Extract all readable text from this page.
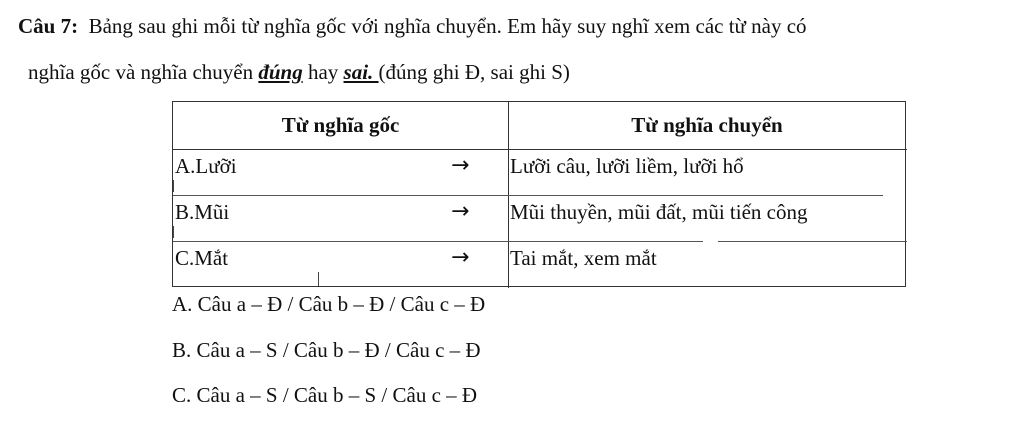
Câu 7: Bảng sau ghi mỗi từ nghĩa gốc với nghĩa chuyển. Em hãy suy nghĩ xem các từ này có
nghĩa gốc và nghĩa chuyển đúng hay sai. (đúng ghi Đ, sai ghi S)
Từ nghĩa gốc	Từ nghĩa chuyển
A.Lưỡi	→ Lưỡi câu, lưỡi liềm, lưỡi hổ
B.Mũi	→ Mũi thuyền, mũi đất, mũi tiến công
C.Mắt	→ Tai mắt, xem mắt
A. Câu a – Đ / Câu b – Đ / Câu c – Đ
B. Câu a – S / Câu b – Đ / Câu c – Đ
C. Câu a – S / Câu b – S / Câu c – Đ
